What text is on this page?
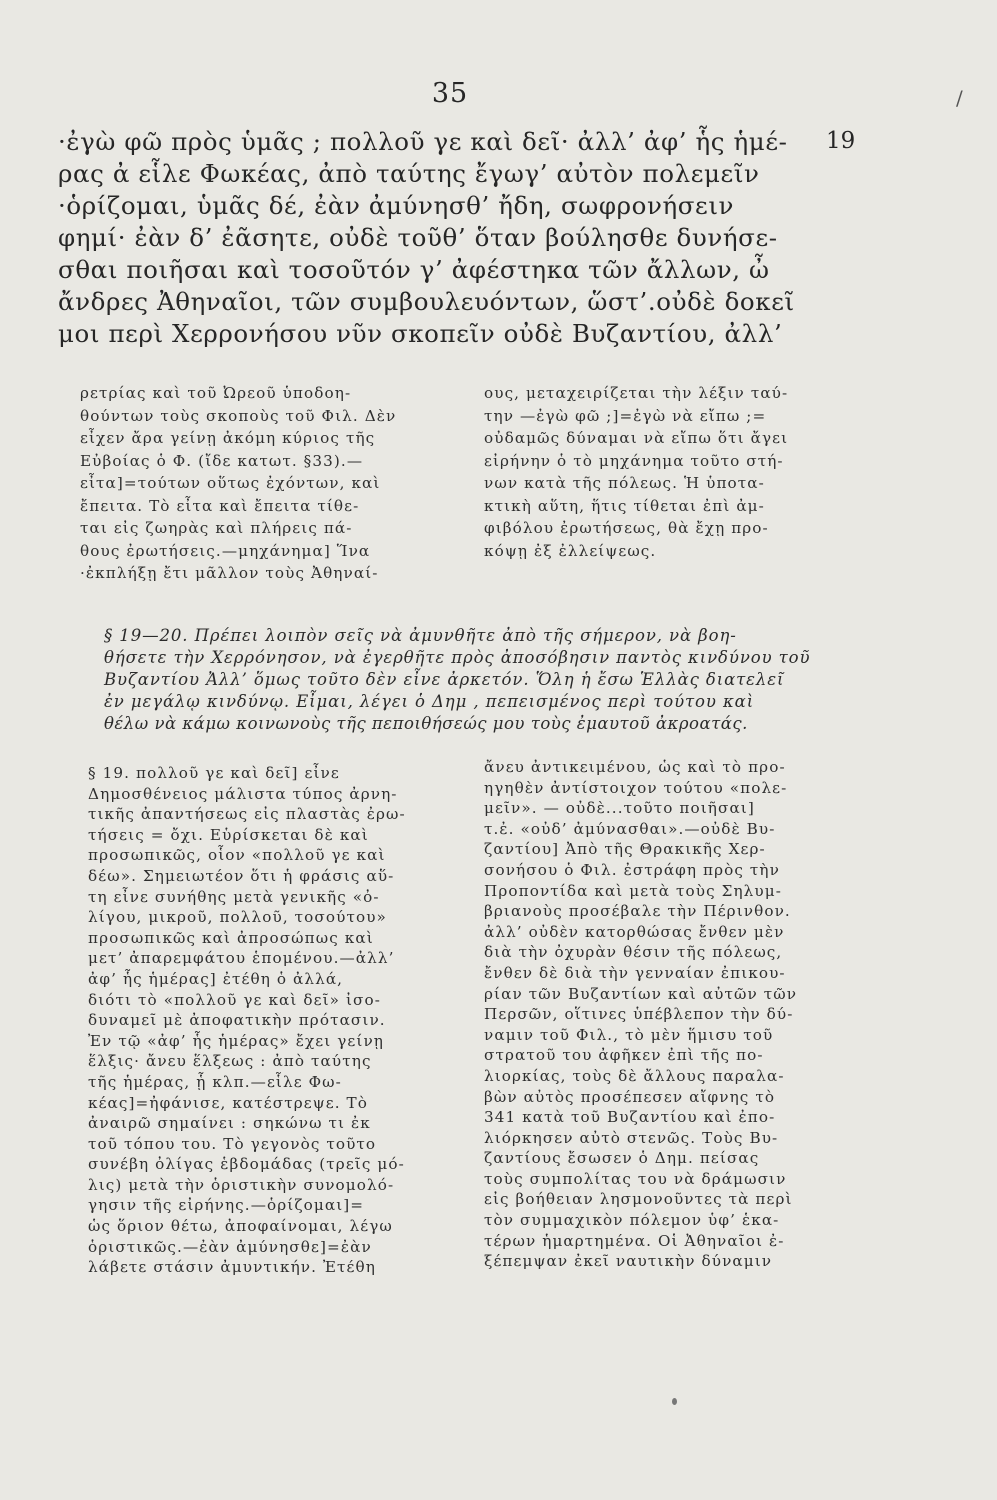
35	/
·ἐγὼ φῶ πρὸς ὑμᾶς ; πολλοῦ γε καὶ δεῖ· ἀλλ’ ἀφ’ ἧς ἡμέ-
ρας ἀ εἷλε Φωκέας, ἀπὸ ταύτης ἔγωγ’ αὐτὸν πολεμεῖν
·ὁρίζομαι, ὑμᾶς δέ, ἐὰν ἀμύνησθ’ ἤδη, σωφρονήσειν
φημί· ἐὰν δ’ ἐᾶσητε, οὐδὲ τοῦθ’ ὅταν βούλησθε δυνήσε-
σθαι ποιῆσαι καὶ τοσοῦτόν γ’ ἀφέστηκα τῶν ἄλλων, ὦ
ἄνδρες Ἀθηναῖοι, τῶν συμβουλευόντων, ὥστ’.οὐδὲ δοκεῖ
μοι περὶ Χερρονήσου νῦν σκοπεῖν οὐδὲ Βυζαντίου, ἀλλ’
19
ρετρίας καὶ τοῦ Ὠρεοῦ ὑποδοη-
θούντων τοὺς σκοποὺς τοῦ Φιλ. Δὲν
εἶχεν ἄρα γείνῃ ἀκόμη κύριος τῆς
Εὐβοίας ὁ Φ. (ἴδε κατωτ. §33).—
εἶτα]=τούτων οὕτως ἐχόντων, καὶ
ἔπειτα. Τὸ εἶτα καὶ ἔπειτα τίθε-
ται εἰς ζωηρὰς καὶ πλήρεις πά-
θους ἐρωτήσεις.—μηχάνημα] Ἵνα
·ἐκπλήξῃ ἔτι μᾶλλον τοὺς Ἀθηναί-
ους, μεταχειρίζεται τὴν λέξιν ταύ-
την —ἐγὼ φῶ ;]=ἐγὼ νὰ εἴπω ;=
οὐδαμῶς δύναμαι νὰ εἴπω ὅτι ἄγει
εἰρήνην ὁ τὸ μηχάνημα τοῦτο στή-
νων κατὰ τῆς πόλεως. Ἡ ὑποτα-
κτικὴ αὕτη, ἥτις τίθεται ἐπὶ ἀμ-
φιβόλου ἐρωτήσεως, θὰ ἔχῃ προ-
κόψῃ ἐξ ἐλλείψεως.
§ 19—20. Πρέπει λοιπὸν σεῖς νὰ ἀμυνθῆτε ἀπὸ τῆς σήμερον, νὰ βοη-
θήσετε τὴν Χερρόνησον, νὰ ἐγερθῆτε πρὸς ἀποσόβησιν παντὸς κινδύνου τοῦ
Βυζαντίου Ἀλλ’ ὅμως τοῦτο δὲν εἶνε ἀρκετόν. Ὅλη ἡ ἔσω Ἑλλὰς διατελεῖ
ἐν μεγάλῳ κινδύνῳ. Εἶμαι, λέγει ὁ Δημ , πεπεισμένος περὶ τούτου καὶ
θέλω νὰ κάμω κοινωνοὺς τῆς πεποιθήσεώς μου τοὺς ἐμαυτοῦ ἀκροατάς.
§ 19. πολλοῦ γε καὶ δεῖ] εἶνε
Δημοσθένειος μάλιστα τύπος ἀρνη-
τικῆς ἀπαντήσεως εἰς πλαστὰς ἐρω-
τήσεις = ὄχι. Εὑρίσκεται δὲ καὶ
προσωπικῶς, οἷον «πολλοῦ γε καὶ
δέω». Σημειωτέον ὅτι ἡ φράσις αὕ-
τη εἶνε συνήθης μετὰ γενικῆς «ὀ-
λίγου, μικροῦ, πολλοῦ, τοσούτου»
προσωπικῶς καὶ ἀπροσώπως καὶ
μετ’ ἀπαρεμφάτου ἑπομένου.—ἀλλ’
ἀφ’ ἧς ἡμέρας] ἐτέθη ὁ ἀλλά,
διότι τὸ «πολλοῦ γε καὶ δεῖ» ἰσο-
δυναμεῖ μὲ ἀποφατικὴν πρότασιν.
Ἐν τῷ «ἀφ’ ἧς ἡμέρας» ἔχει γείνῃ
ἕλξις· ἄνευ ἕλξεως : ἀπὸ ταύτης
τῆς ἡμέρας, ᾗ κλπ.—εἷλε Φω-
κέας]=ἠφάνισε, κατέστρεψε. Τὸ
ἀναιρῶ σημαίνει : σηκώνω τι ἐκ
τοῦ τόπου του. Τὸ γεγονὸς τοῦτο
συνέβη ὀλίγας ἑβδομάδας (τρεῖς μό-
λις) μετὰ τὴν ὁριστικὴν συνομολό-
γησιν τῆς εἰρήνης.—ὁρίζομαι]=
ὡς ὅριον θέτω, ἀποφαίνομαι, λέγω
ὁριστικῶς.—ἐὰν ἀμύνησθε]=ἐὰν
λάβετε στάσιν ἀμυντικήν. Ἐτέθη
ἄνευ ἀντικειμένου, ὡς καὶ τὸ προ-
ηγηθὲν ἀντίστοιχον τούτου «πολε-
μεῖν». — οὐδὲ...τοῦτο ποιῆσαι]
τ.ἐ. «οὐδ’ ἀμύνασθαι».—οὐδὲ Βυ-
ζαντίου] Ἀπὸ τῆς Θρακικῆς Χερ-
σονήσου ὁ Φιλ. ἐστράφη πρὸς τὴν
Προποντίδα καὶ μετὰ τοὺς Σηλυμ-
βριανοὺς προσέβαλε τὴν Πέρινθον.
ἀλλ’ οὐδὲν κατορθώσας ἔνθεν μὲν
διὰ τὴν ὀχυρὰν θέσιν τῆς πόλεως,
ἔνθεν δὲ διὰ τὴν γενναίαν ἐπικου-
ρίαν τῶν Βυζαντίων καὶ αὐτῶν τῶν
Περσῶν, οἵτινες ὑπέβλεπον τὴν δύ-
ναμιν τοῦ Φιλ., τὸ μὲν ἥμισυ τοῦ
στρατοῦ του ἀφῆκεν ἐπὶ τῆς πο-
λιορκίας, τοὺς δὲ ἄλλους παραλα-
βὼν αὐτὸς προσέπεσεν αἴφνης τὸ
341 κατὰ τοῦ Βυζαντίου καὶ ἐπο-
λιόρκησεν αὐτὸ στενῶς. Τοὺς Βυ-
ζαντίους ἔσωσεν ὁ Δημ. πείσας
τοὺς συμπολίτας του νὰ δράμωσιν
εἰς βοήθειαν λησμονοῦντες τὰ περὶ
τὸν συμμαχικὸν πόλεμον ὑφ’ ἑκα-
τέρων ἡμαρτημένα. Οἱ Ἀθηναῖοι ἐ-
ξέπεμψαν ἐκεῖ ναυτικὴν δύναμιν
